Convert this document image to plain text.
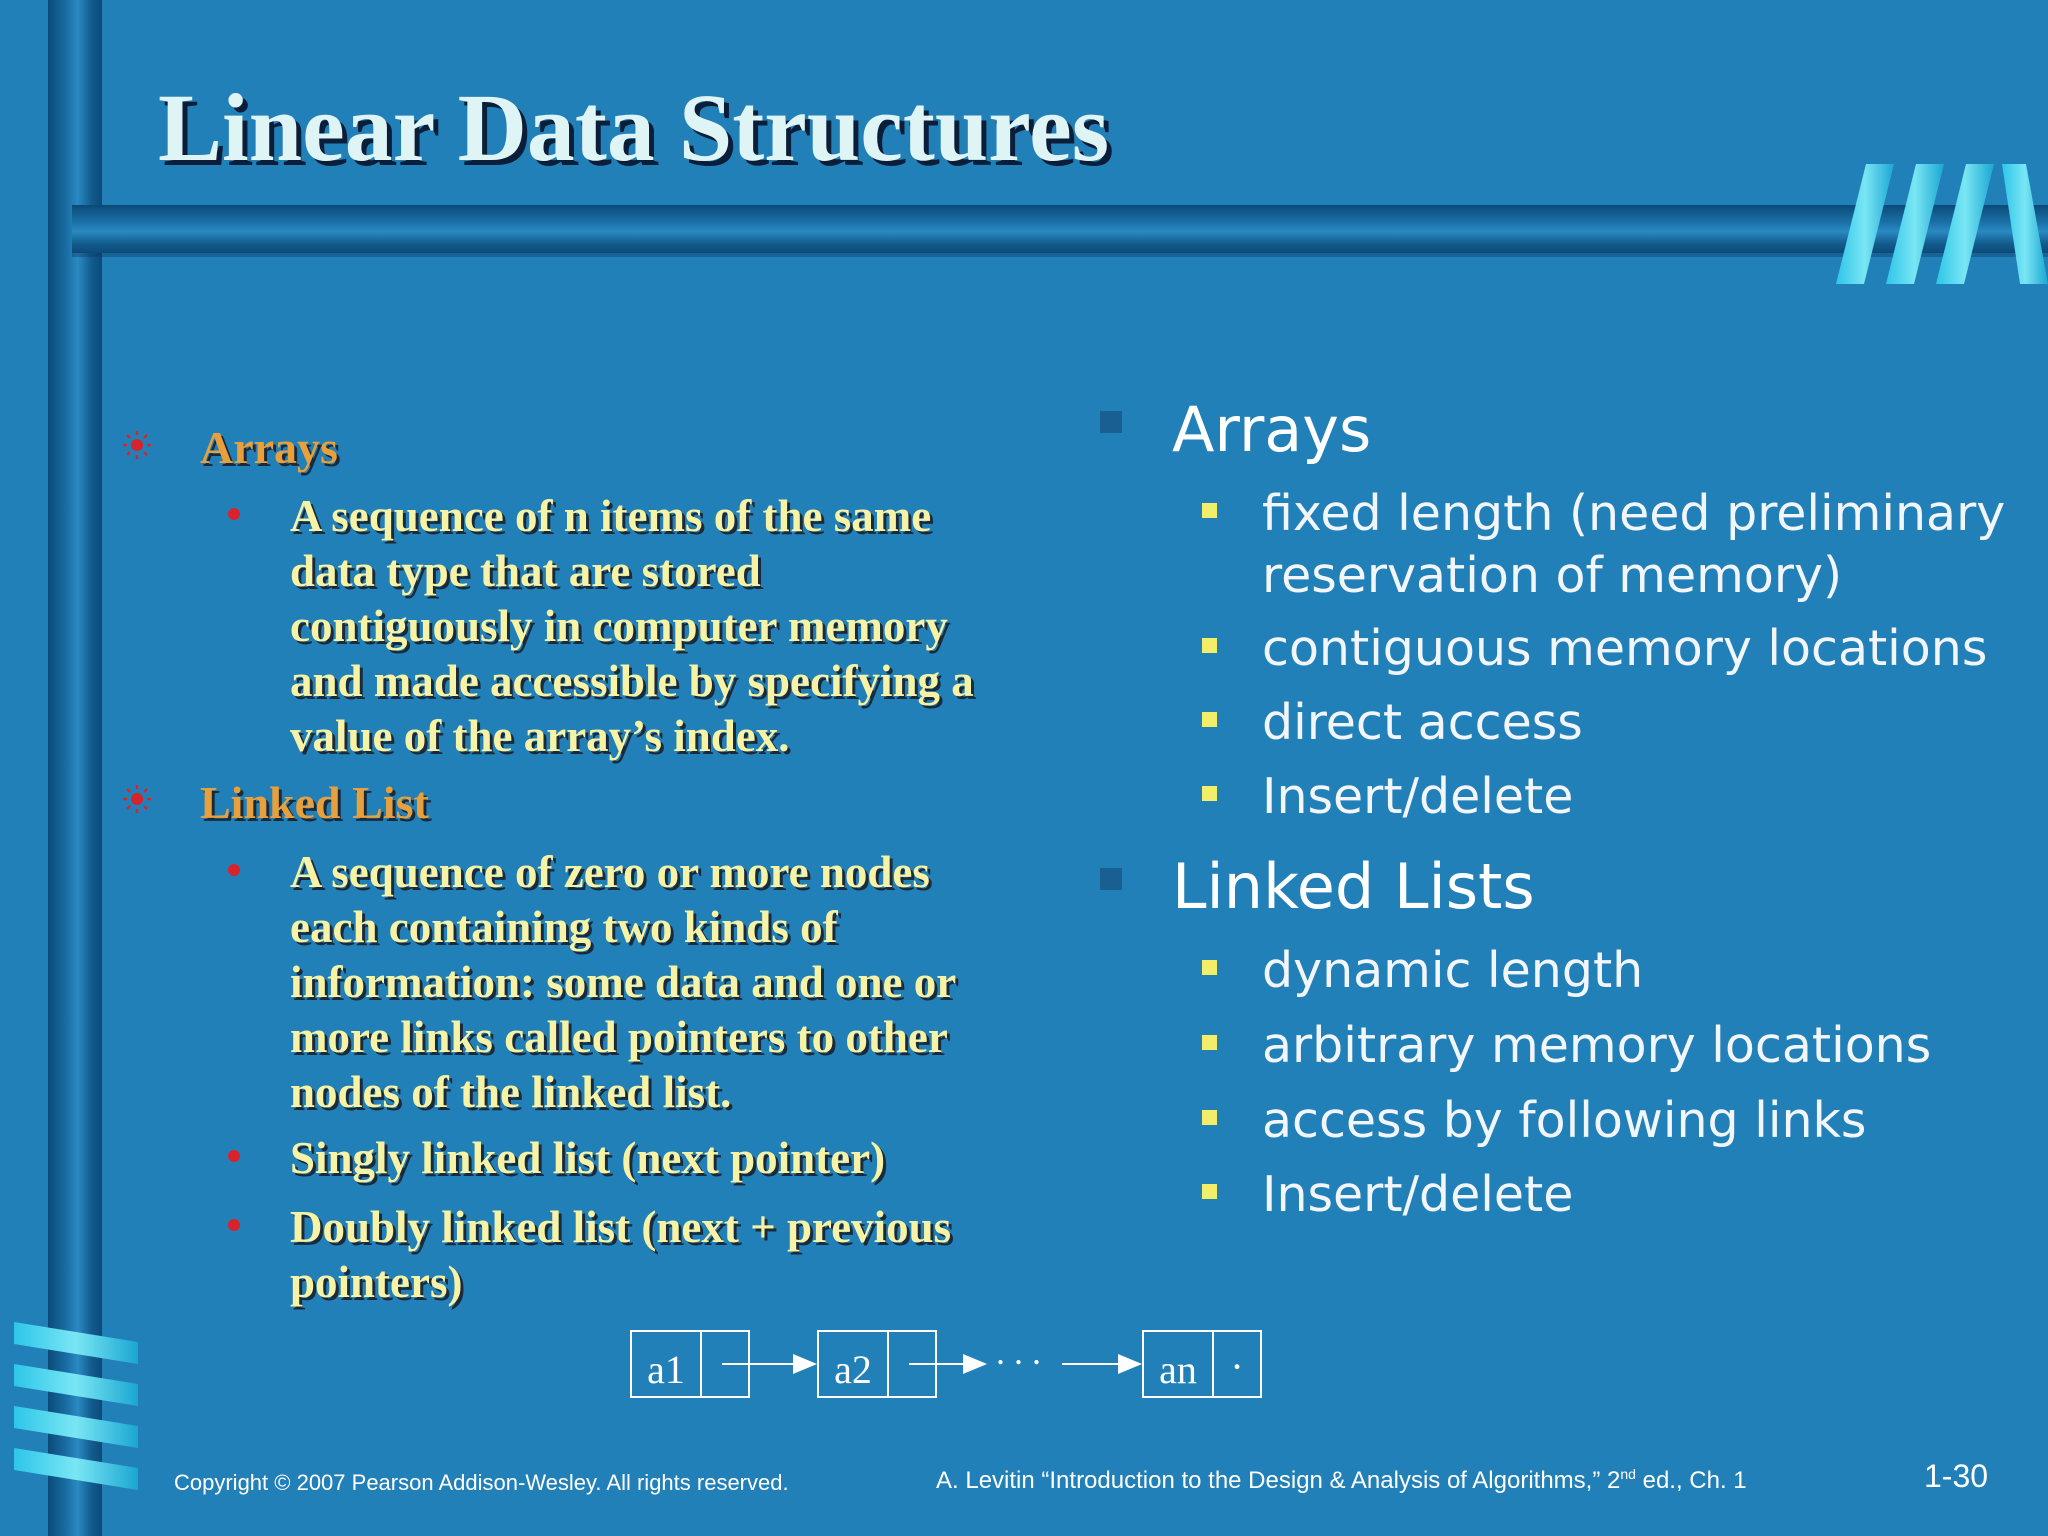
Linear Data Structures
Arrays
A sequence of n items of the same
data type that are stored
contiguously in computer memory
and made accessible by specifying a
value of the array’s index.
Linked List
A sequence of zero or more nodes
each containing two kinds of
information: some data and one or
more links called pointers to other
nodes of the linked list.
Singly linked list (next pointer)
Doubly linked list (next + previous
pointers)
Arrays
fixed length (need preliminary
reservation of memory)
contiguous memory locations
direct access
Insert/delete
Linked Lists
dynamic length
arbitrary memory locations
access by following links
Insert/delete
a1	a2	an ·
. . .
Copyright © 2007 Pearson Addison-Wesley. All rights reserved.	A. Levitin “Introduction to the Design & Analysis of Algorithms,” 2nd ed., Ch. 1	1-30
